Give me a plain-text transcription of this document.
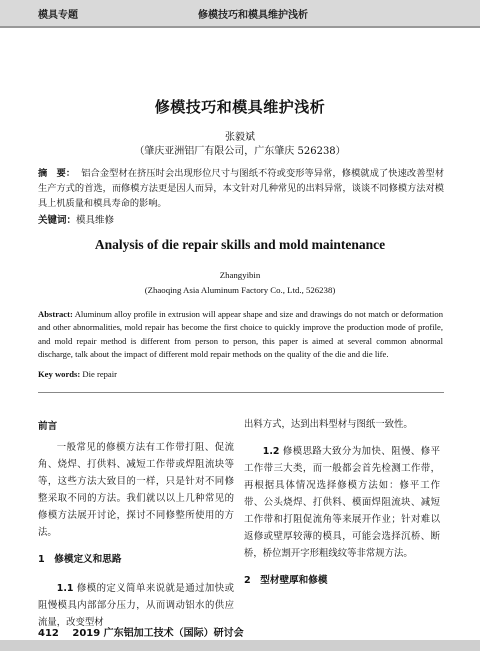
模具专题	修模技巧和模具维护浅析
修模技巧和模具维护浅析
张毅斌
（肇庆亚洲铝厂有限公司，广东肇庆 526238）
摘　要： 铝合金型材在挤压时会出现形位尺寸与图纸不符或变形等异常，修模就成了快速改善型材生产方式的首选，而修模方法更是因人而异，本文针对几种常见的出料异常，谈谈不同修模方法对模具上机质量和模具寿命的影响。
关键词：模具维修
Analysis of die repair skills and mold maintenance
Zhangyibin
(Zhaoqing Asia Aluminum Factory Co., Ltd., 526238)
Abstract: Aluminum alloy profile in extrusion will appear shape and size and drawings do not match or deformation and other abnormalities, mold repair has become the first choice to quickly improve the production mode of profile, and mold repair method is different from person to person, this paper is aimed at several common abnormal discharge, talk about the impact of different mold repair methods on the quality of the die and die life.
Key words: Die repair
前言

一般常见的修模方法有工作带打阻、促流角、烧焊、打供料、减短工作带或焊阻流块等等，这些方法大致目的一样，只是针对不同修整采取不同的方法。我们就以以上几种常见的修模方法展开讨论，探讨不同修整所使用的方法。

1　修模定义和思路

1.1 修模的定义简单来说就是通过加快或阻慢模具内部部分压力，从而调动铝水的供应流量，改变型材

出料方式，达到出料型材与图纸一致性。

1.2 修模思路大致分为加快、阻慢、修平工作带三大类，而一般都会首先检测工作带，再根据具体情况选择修模方法如：修平工作带、公头烧焊、打供料、模面焊阻流块、减短工作带和打阻促流角等来展开作业；针对难以返修或壁厚较薄的模具，可能会选择沉桥、断桥，桥位割开字形粗线纹等非常规方法。

2　型材壁厚和修模
412 2019 广东铝加工技术（国际）研讨会
